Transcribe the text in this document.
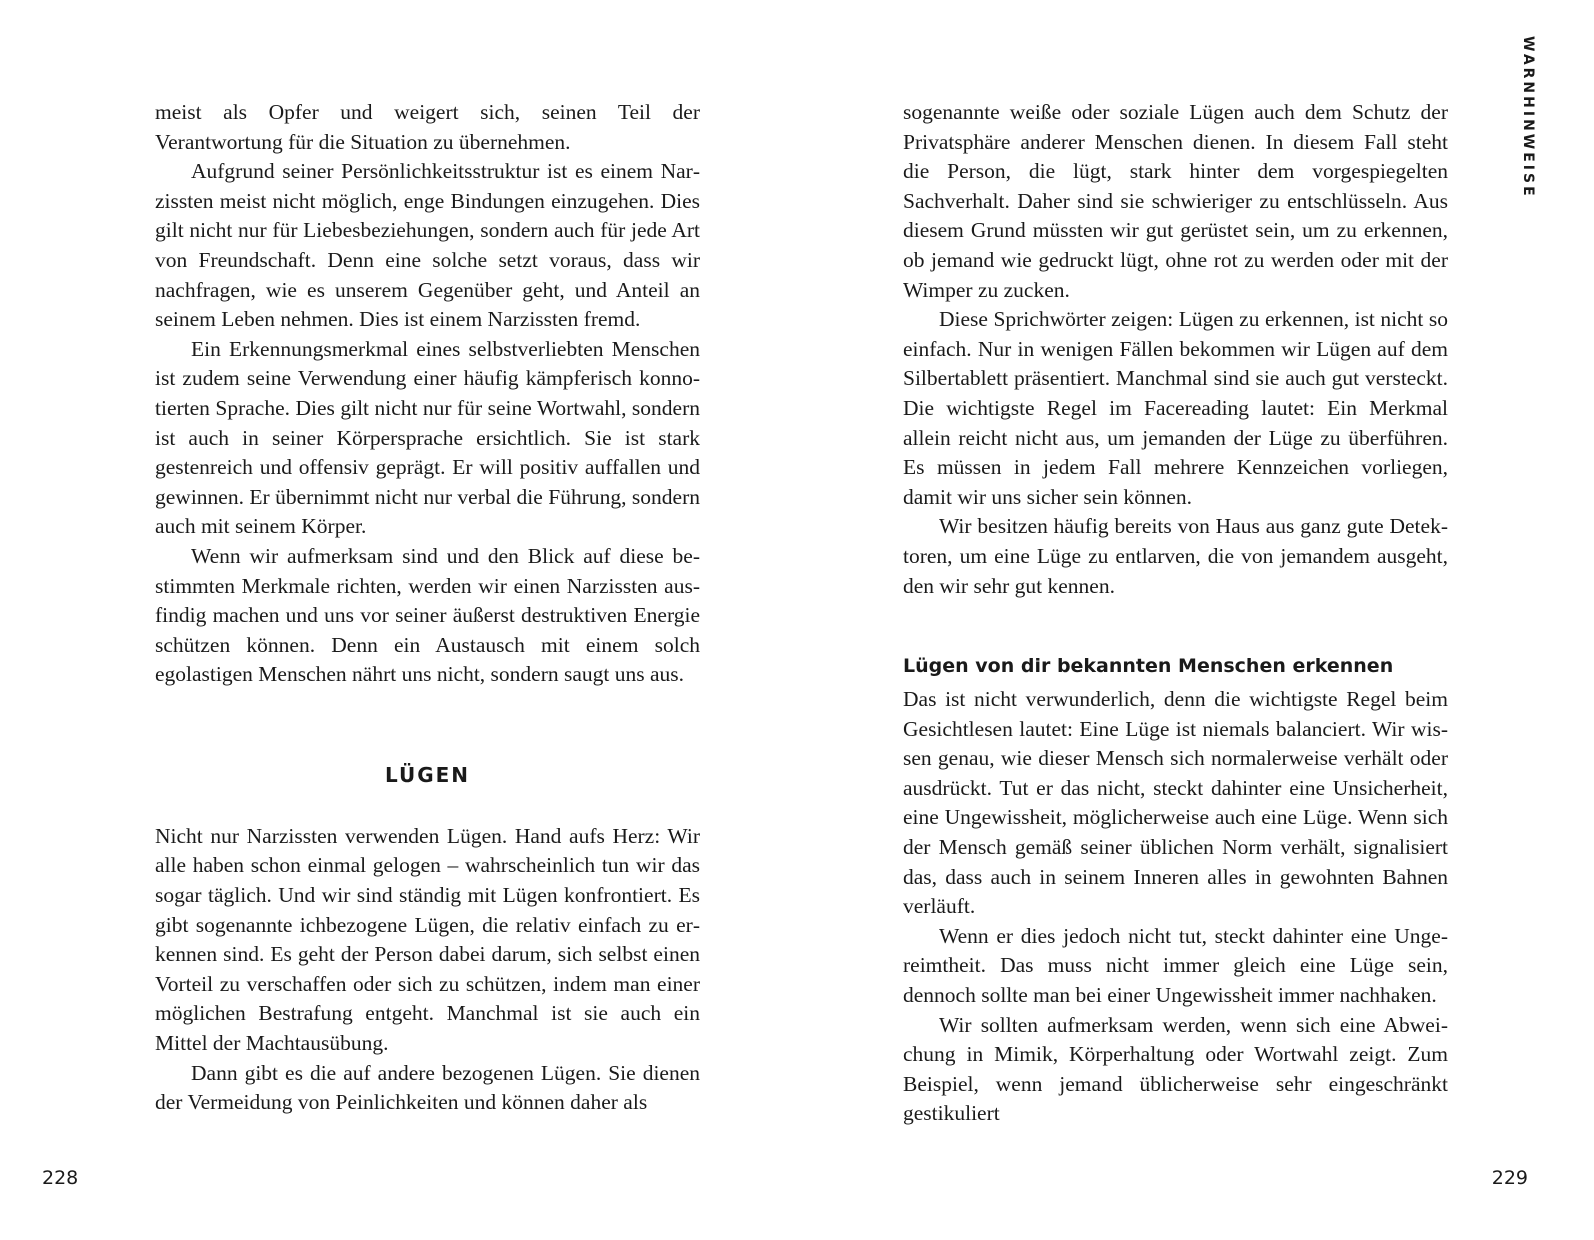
meist als Opfer und weigert sich, seinen Teil der Verantwortung für die Situation zu übernehmen.

Aufgrund seiner Persönlichkeitsstruktur ist es einem Narzissten meist nicht möglich, enge Bindungen einzugehen. Dies gilt nicht nur für Liebesbeziehungen, sondern auch für jede Art von Freundschaft. Denn eine solche setzt voraus, dass wir nachfragen, wie es unserem Gegenüber geht, und Anteil an seinem Leben nehmen. Dies ist einem Narzissten fremd.

Ein Erkennungsmerkmal eines selbstverliebten Menschen ist zudem seine Verwendung einer häufig kämpferisch konnotierten Sprache. Dies gilt nicht nur für seine Wortwahl, sondern ist auch in seiner Körpersprache ersichtlich. Sie ist stark gestenreich und offensiv geprägt. Er will positiv auffallen und gewinnen. Er übernimmt nicht nur verbal die Führung, sondern auch mit seinem Körper.

Wenn wir aufmerksam sind und den Blick auf diese bestimmten Merkmale richten, werden wir einen Narzissten ausfindig machen und uns vor seiner äußerst destruktiven Energie schützen können. Denn ein Austausch mit einem solch egolastigen Menschen nährt uns nicht, sondern saugt uns aus.

LÜGEN

Nicht nur Narzissten verwenden Lügen. Hand aufs Herz: Wir alle haben schon einmal gelogen – wahrscheinlich tun wir das sogar täglich. Und wir sind ständig mit Lügen konfrontiert. Es gibt sogenannte ichbezogene Lügen, die relativ einfach zu erkennen sind. Es geht der Person dabei darum, sich selbst einen Vorteil zu verschaffen oder sich zu schützen, indem man einer möglichen Bestrafung entgeht. Manchmal ist sie auch ein Mittel der Machtausübung.

Dann gibt es die auf andere bezogenen Lügen. Sie dienen der Vermeidung von Peinlichkeiten und können daher als

228

sogenannte weiße oder soziale Lügen auch dem Schutz der Privatsphäre anderer Menschen dienen. In diesem Fall steht die Person, die lügt, stark hinter dem vorgespiegelten Sachverhalt. Daher sind sie schwieriger zu entschlüsseln. Aus diesem Grund müssten wir gut gerüstet sein, um zu erkennen, ob jemand wie gedruckt lügt, ohne rot zu werden oder mit der Wimper zu zucken.

Diese Sprichwörter zeigen: Lügen zu erkennen, ist nicht so einfach. Nur in wenigen Fällen bekommen wir Lügen auf dem Silbertablett präsentiert. Manchmal sind sie auch gut versteckt. Die wichtigste Regel im Facereading lautet: Ein Merkmal allein reicht nicht aus, um jemanden der Lüge zu überführen. Es müssen in jedem Fall mehrere Kennzeichen vorliegen, damit wir uns sicher sein können.

Wir besitzen häufig bereits von Haus aus ganz gute Detektoren, um eine Lüge zu entlarven, die von jemandem ausgeht, den wir sehr gut kennen.

Lügen von dir bekannten Menschen erkennen

Das ist nicht verwunderlich, denn die wichtigste Regel beim Gesichtlesen lautet: Eine Lüge ist niemals balanciert. Wir wissen genau, wie dieser Mensch sich normalerweise verhält oder ausdrückt. Tut er das nicht, steckt dahinter eine Unsicherheit, eine Ungewissheit, möglicherweise auch eine Lüge. Wenn sich der Mensch gemäß seiner üblichen Norm verhält, signalisiert das, dass auch in seinem Inneren alles in gewohnten Bahnen verläuft.

Wenn er dies jedoch nicht tut, steckt dahinter eine Ungereimtheit. Das muss nicht immer gleich eine Lüge sein, dennoch sollte man bei einer Ungewissheit immer nachhaken.

Wir sollten aufmerksam werden, wenn sich eine Abweichung in Mimik, Körperhaltung oder Wortwahl zeigt. Zum Beispiel, wenn jemand üblicherweise sehr eingeschränkt gestikuliert

WARNHINWEISE
229
